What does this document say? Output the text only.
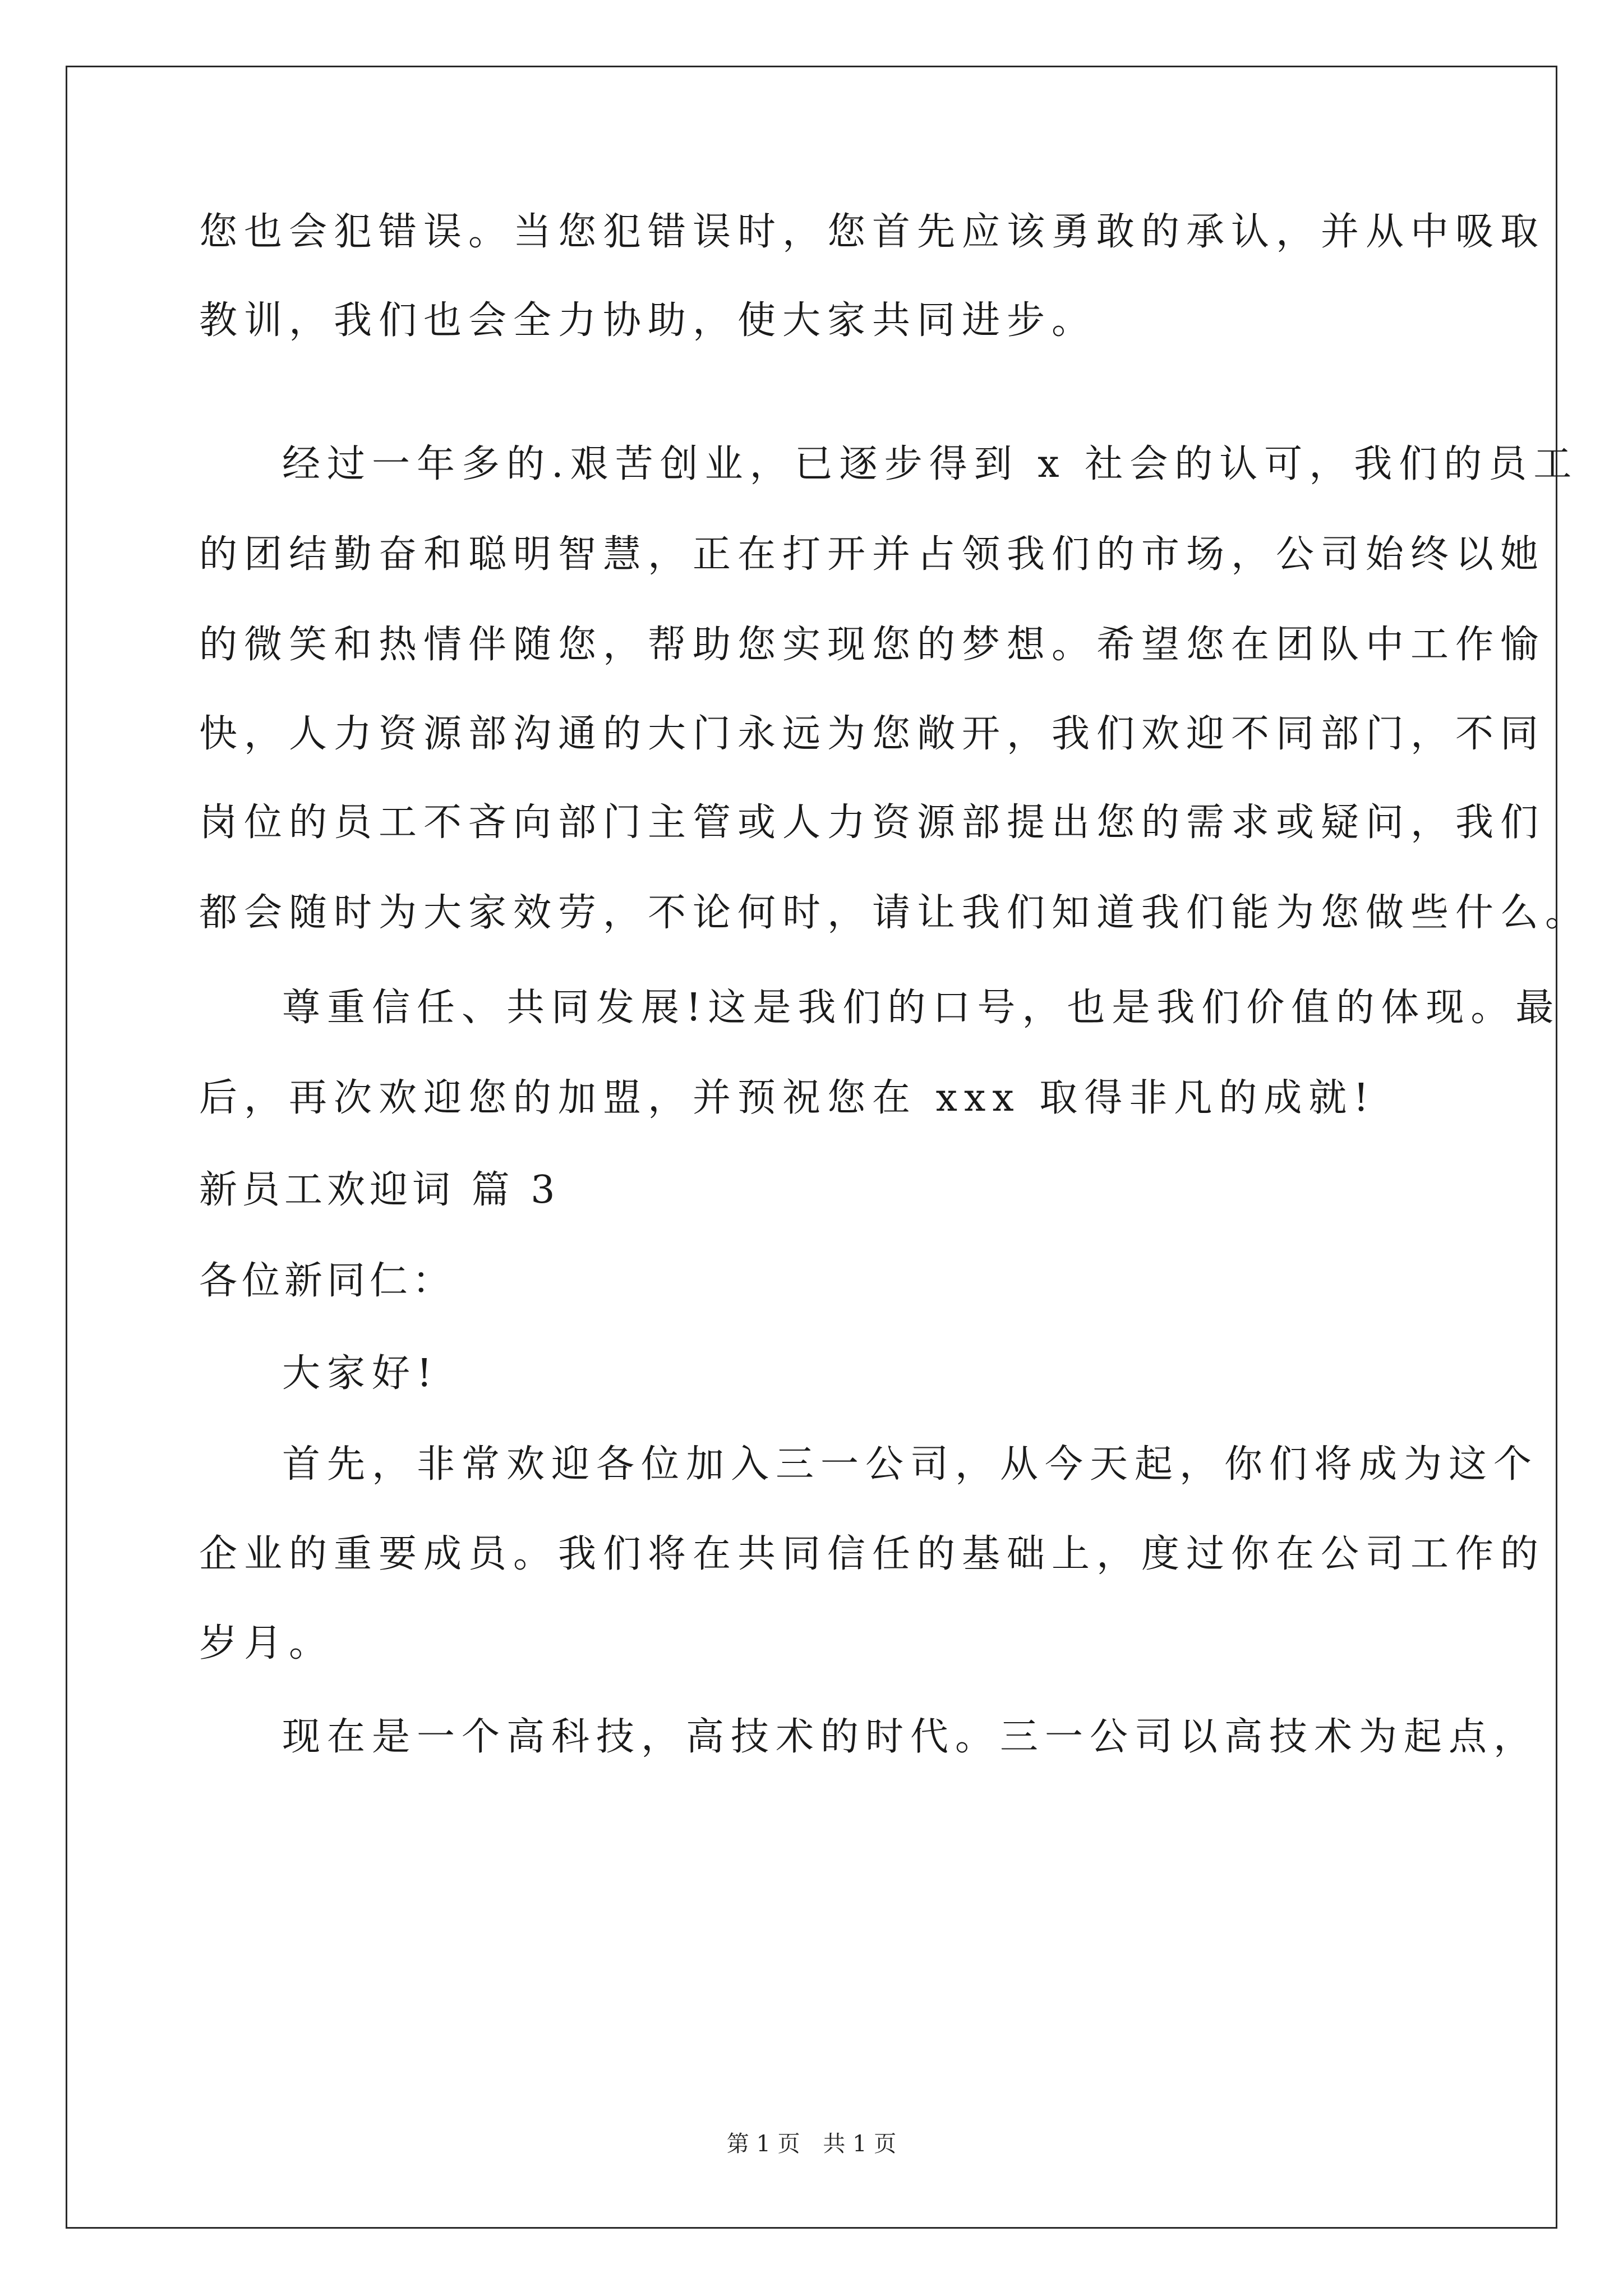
您也会犯错误。当您犯错误时，您首先应该勇敢的承认，并从中吸取
教训，我们也会全力协助，使大家共同进步。
经过一年多的.艰苦创业，已逐步得到 x 社会的认可，我们的员工
的团结勤奋和聪明智慧，正在打开并占领我们的市场，公司始终以她
的微笑和热情伴随您，帮助您实现您的梦想。希望您在团队中工作愉
快，人力资源部沟通的大门永远为您敞开，我们欢迎不同部门，不同
岗位的员工不吝向部门主管或人力资源部提出您的需求或疑问，我们
都会随时为大家效劳，不论何时，请让我们知道我们能为您做些什么。
尊重信任、共同发展!这是我们的口号，也是我们价值的体现。最
后，再次欢迎您的加盟，并预祝您在 xxx 取得非凡的成就!
新员工欢迎词 篇 3
各位新同仁：
大家好!
首先，非常欢迎各位加入三一公司，从今天起，你们将成为这个
企业的重要成员。我们将在共同信任的基础上，度过你在公司工作的
岁月。
现在是一个高科技，高技术的时代。三一公司以高技术为起点，
第 1 页 共 1 页
